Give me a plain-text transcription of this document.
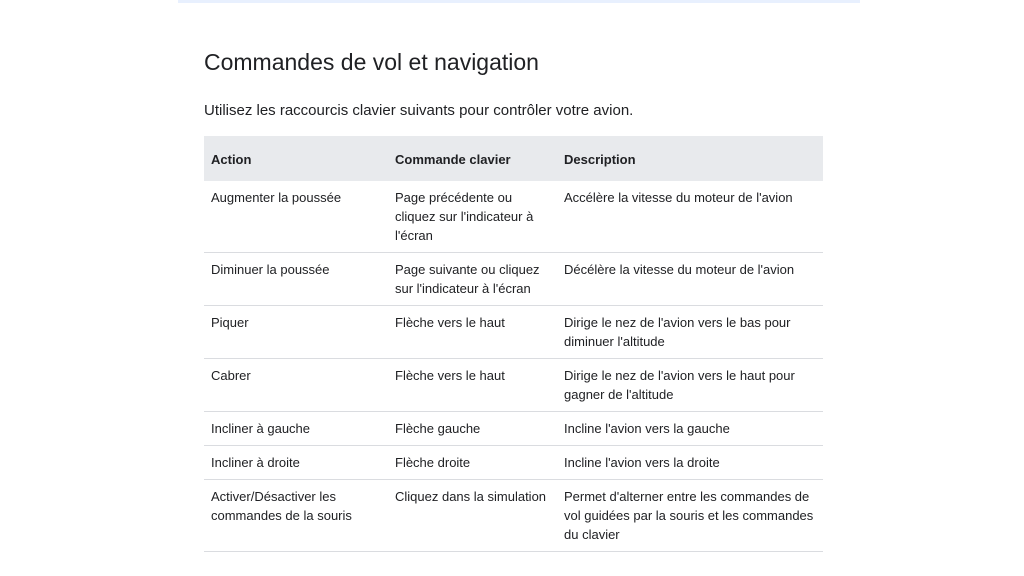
Commandes de vol et navigation

Utilisez les raccourcis clavier suivants pour contrôler votre avion.

Action	Commande clavier	Description
Augmenter la poussée	Page précédente ou cliquez sur l'indicateur à l'écran	Accélère la vitesse du moteur de l'avion
Diminuer la poussée	Page suivante ou cliquez sur l'indicateur à l'écran	Décélère la vitesse du moteur de l'avion
Piquer	Flèche vers le haut	Dirige le nez de l'avion vers le bas pour diminuer l'altitude
Cabrer	Flèche vers le haut	Dirige le nez de l'avion vers le haut pour gagner de l'altitude
Incliner à gauche	Flèche gauche	Incline l'avion vers la gauche
Incliner à droite	Flèche droite	Incline l'avion vers la droite
Activer/Désactiver les commandes de la souris	Cliquez dans la simulation	Permet d'alterner entre les commandes de vol guidées par la souris et les commandes du clavier
